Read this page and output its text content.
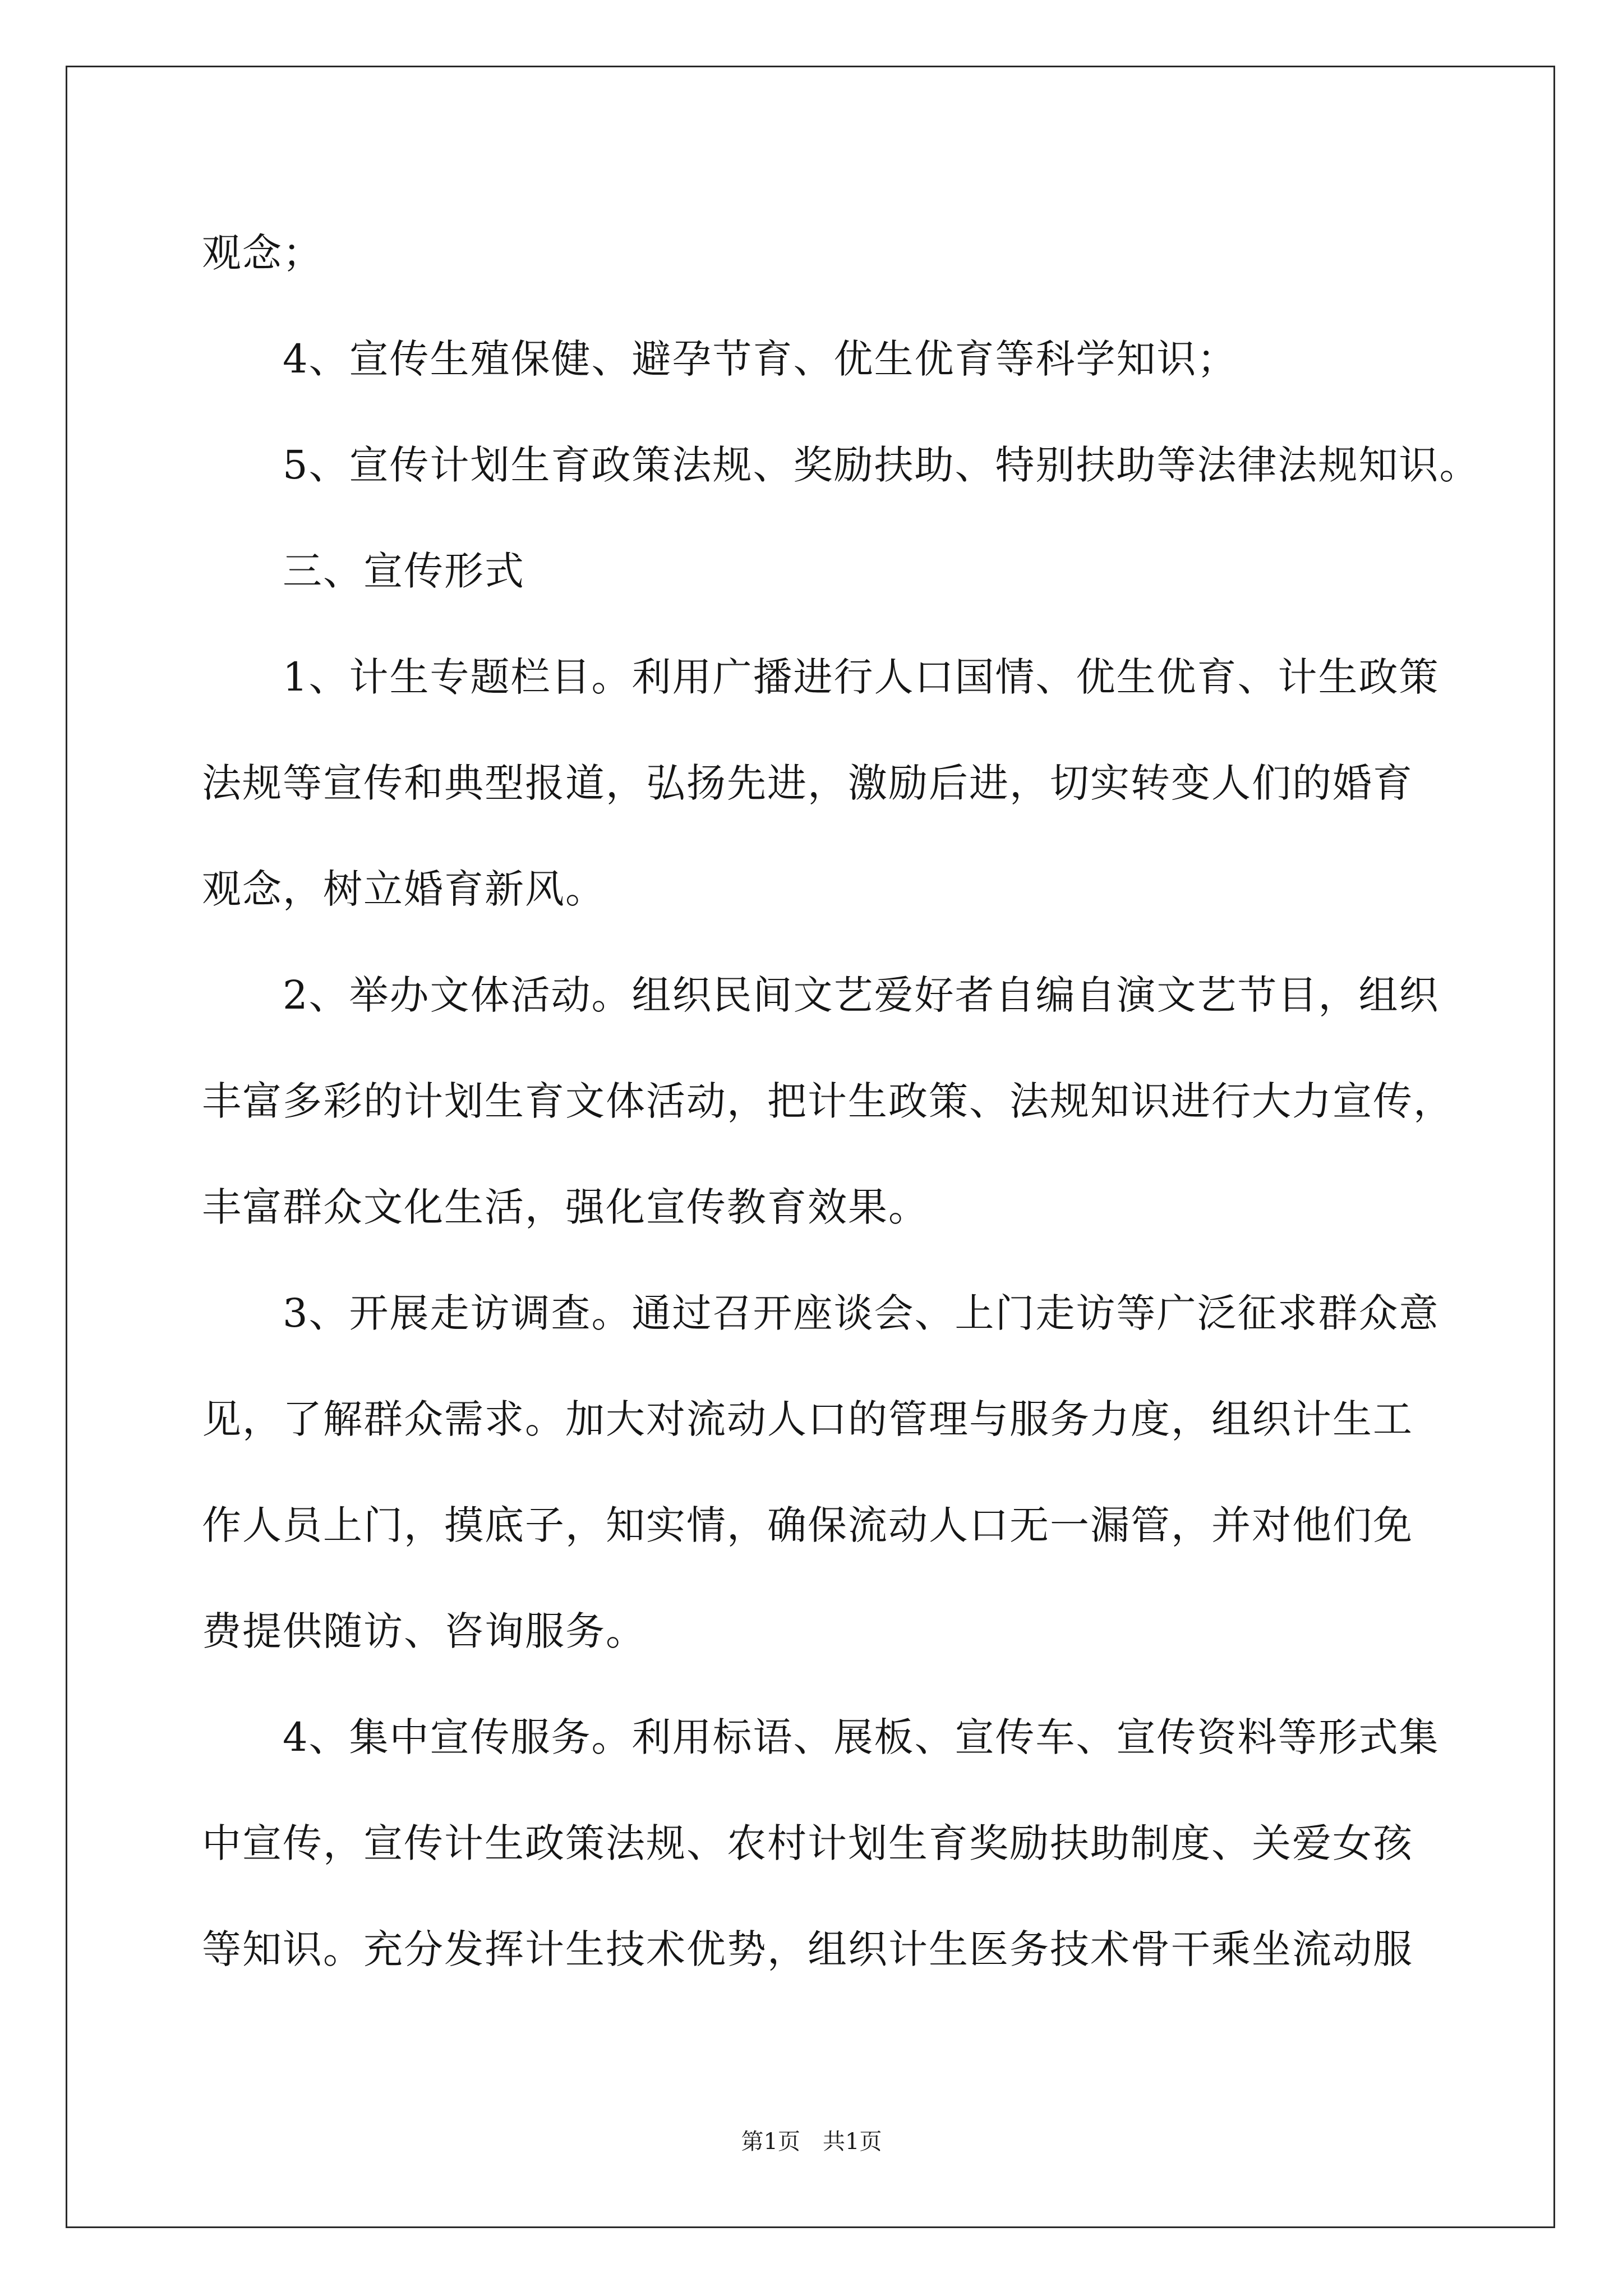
观念；
4、宣传生殖保健、避孕节育、优生优育等科学知识；
5、宣传计划生育政策法规、奖励扶助、特别扶助等法律法规知识。
三、宣传形式
1、计生专题栏目。利用广播进行人口国情、优生优育、计生政策
法规等宣传和典型报道，弘扬先进，激励后进，切实转变人们的婚育
观念，树立婚育新风。
2、举办文体活动。组织民间文艺爱好者自编自演文艺节目，组织
丰富多彩的计划生育文体活动，把计生政策、法规知识进行大力宣传，
丰富群众文化生活，强化宣传教育效果。
3、开展走访调查。通过召开座谈会、上门走访等广泛征求群众意
见，了解群众需求。加大对流动人口的管理与服务力度，组织计生工
作人员上门，摸底子，知实情，确保流动人口无一漏管，并对他们免
费提供随访、咨询服务。
4、集中宣传服务。利用标语、展板、宣传车、宣传资料等形式集
中宣传，宣传计生政策法规、农村计划生育奖励扶助制度、关爱女孩
等知识。充分发挥计生技术优势，组织计生医务技术骨干乘坐流动服
第1页　共1页
